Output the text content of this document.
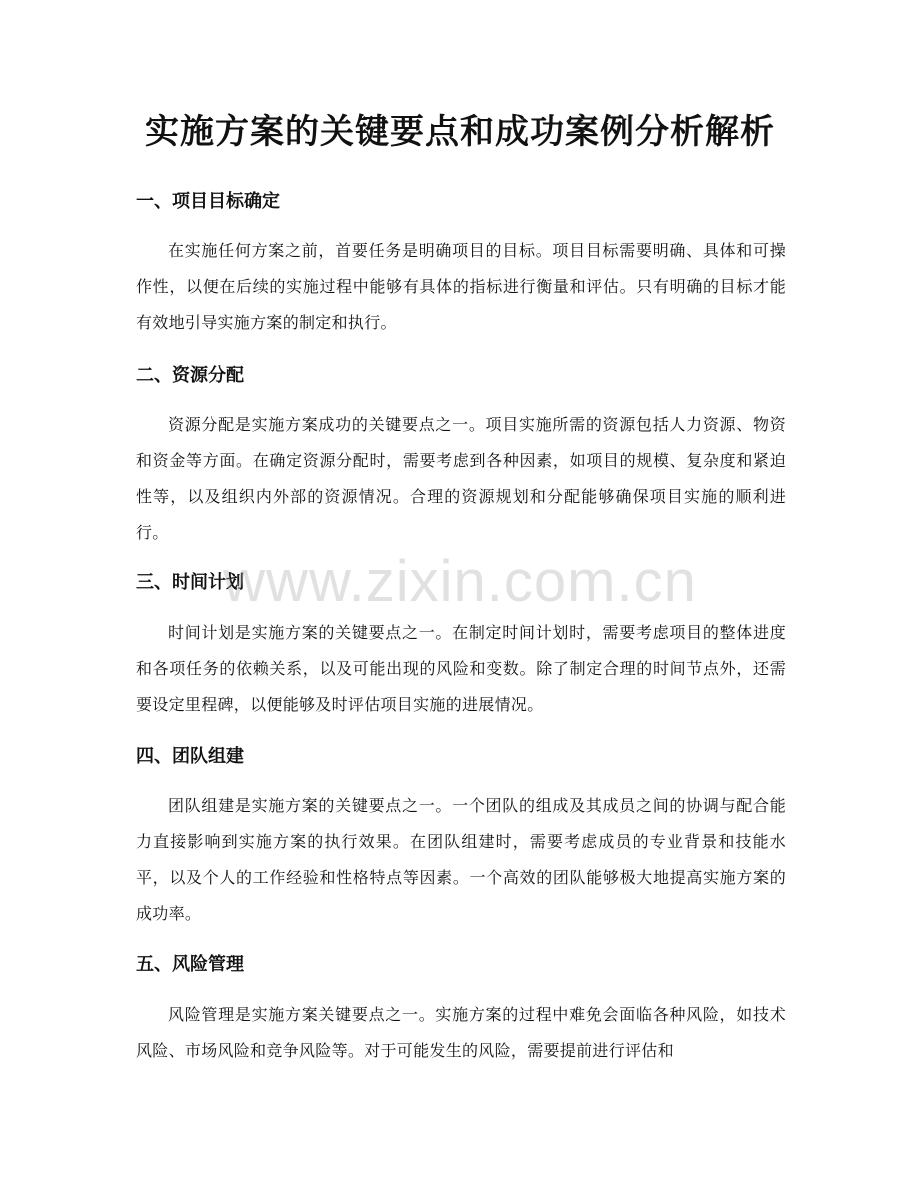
实施方案的关键要点和成功案例分析解析
一、项目目标确定

在实施任何方案之前，首要任务是明确项目的目标。项目目标需要明确、具体和可操作性，以便在后续的实施过程中能够有具体的指标进行衡量和评估。只有明确的目标才能有效地引导实施方案的制定和执行。

二、资源分配

资源分配是实施方案成功的关键要点之一。项目实施所需的资源包括人力资源、物资和资金等方面。在确定资源分配时，需要考虑到各种因素，如项目的规模、复杂度和紧迫性等，以及组织内外部的资源情况。合理的资源规划和分配能够确保项目实施的顺利进行。

三、时间计划

时间计划是实施方案的关键要点之一。在制定时间计划时，需要考虑项目的整体进度和各项任务的依赖关系，以及可能出现的风险和变数。除了制定合理的时间节点外，还需要设定里程碑，以便能够及时评估项目实施的进展情况。

四、团队组建

团队组建是实施方案的关键要点之一。一个团队的组成及其成员之间的协调与配合能力直接影响到实施方案的执行效果。在团队组建时，需要考虑成员的专业背景和技能水平，以及个人的工作经验和性格特点等因素。一个高效的团队能够极大地提高实施方案的成功率。

五、风险管理

风险管理是实施方案关键要点之一。实施方案的过程中难免会面临各种风险，如技术风险、市场风险和竞争风险等。对于可能发生的风险，需要提前进行评估和

www.zixin.com.cn
